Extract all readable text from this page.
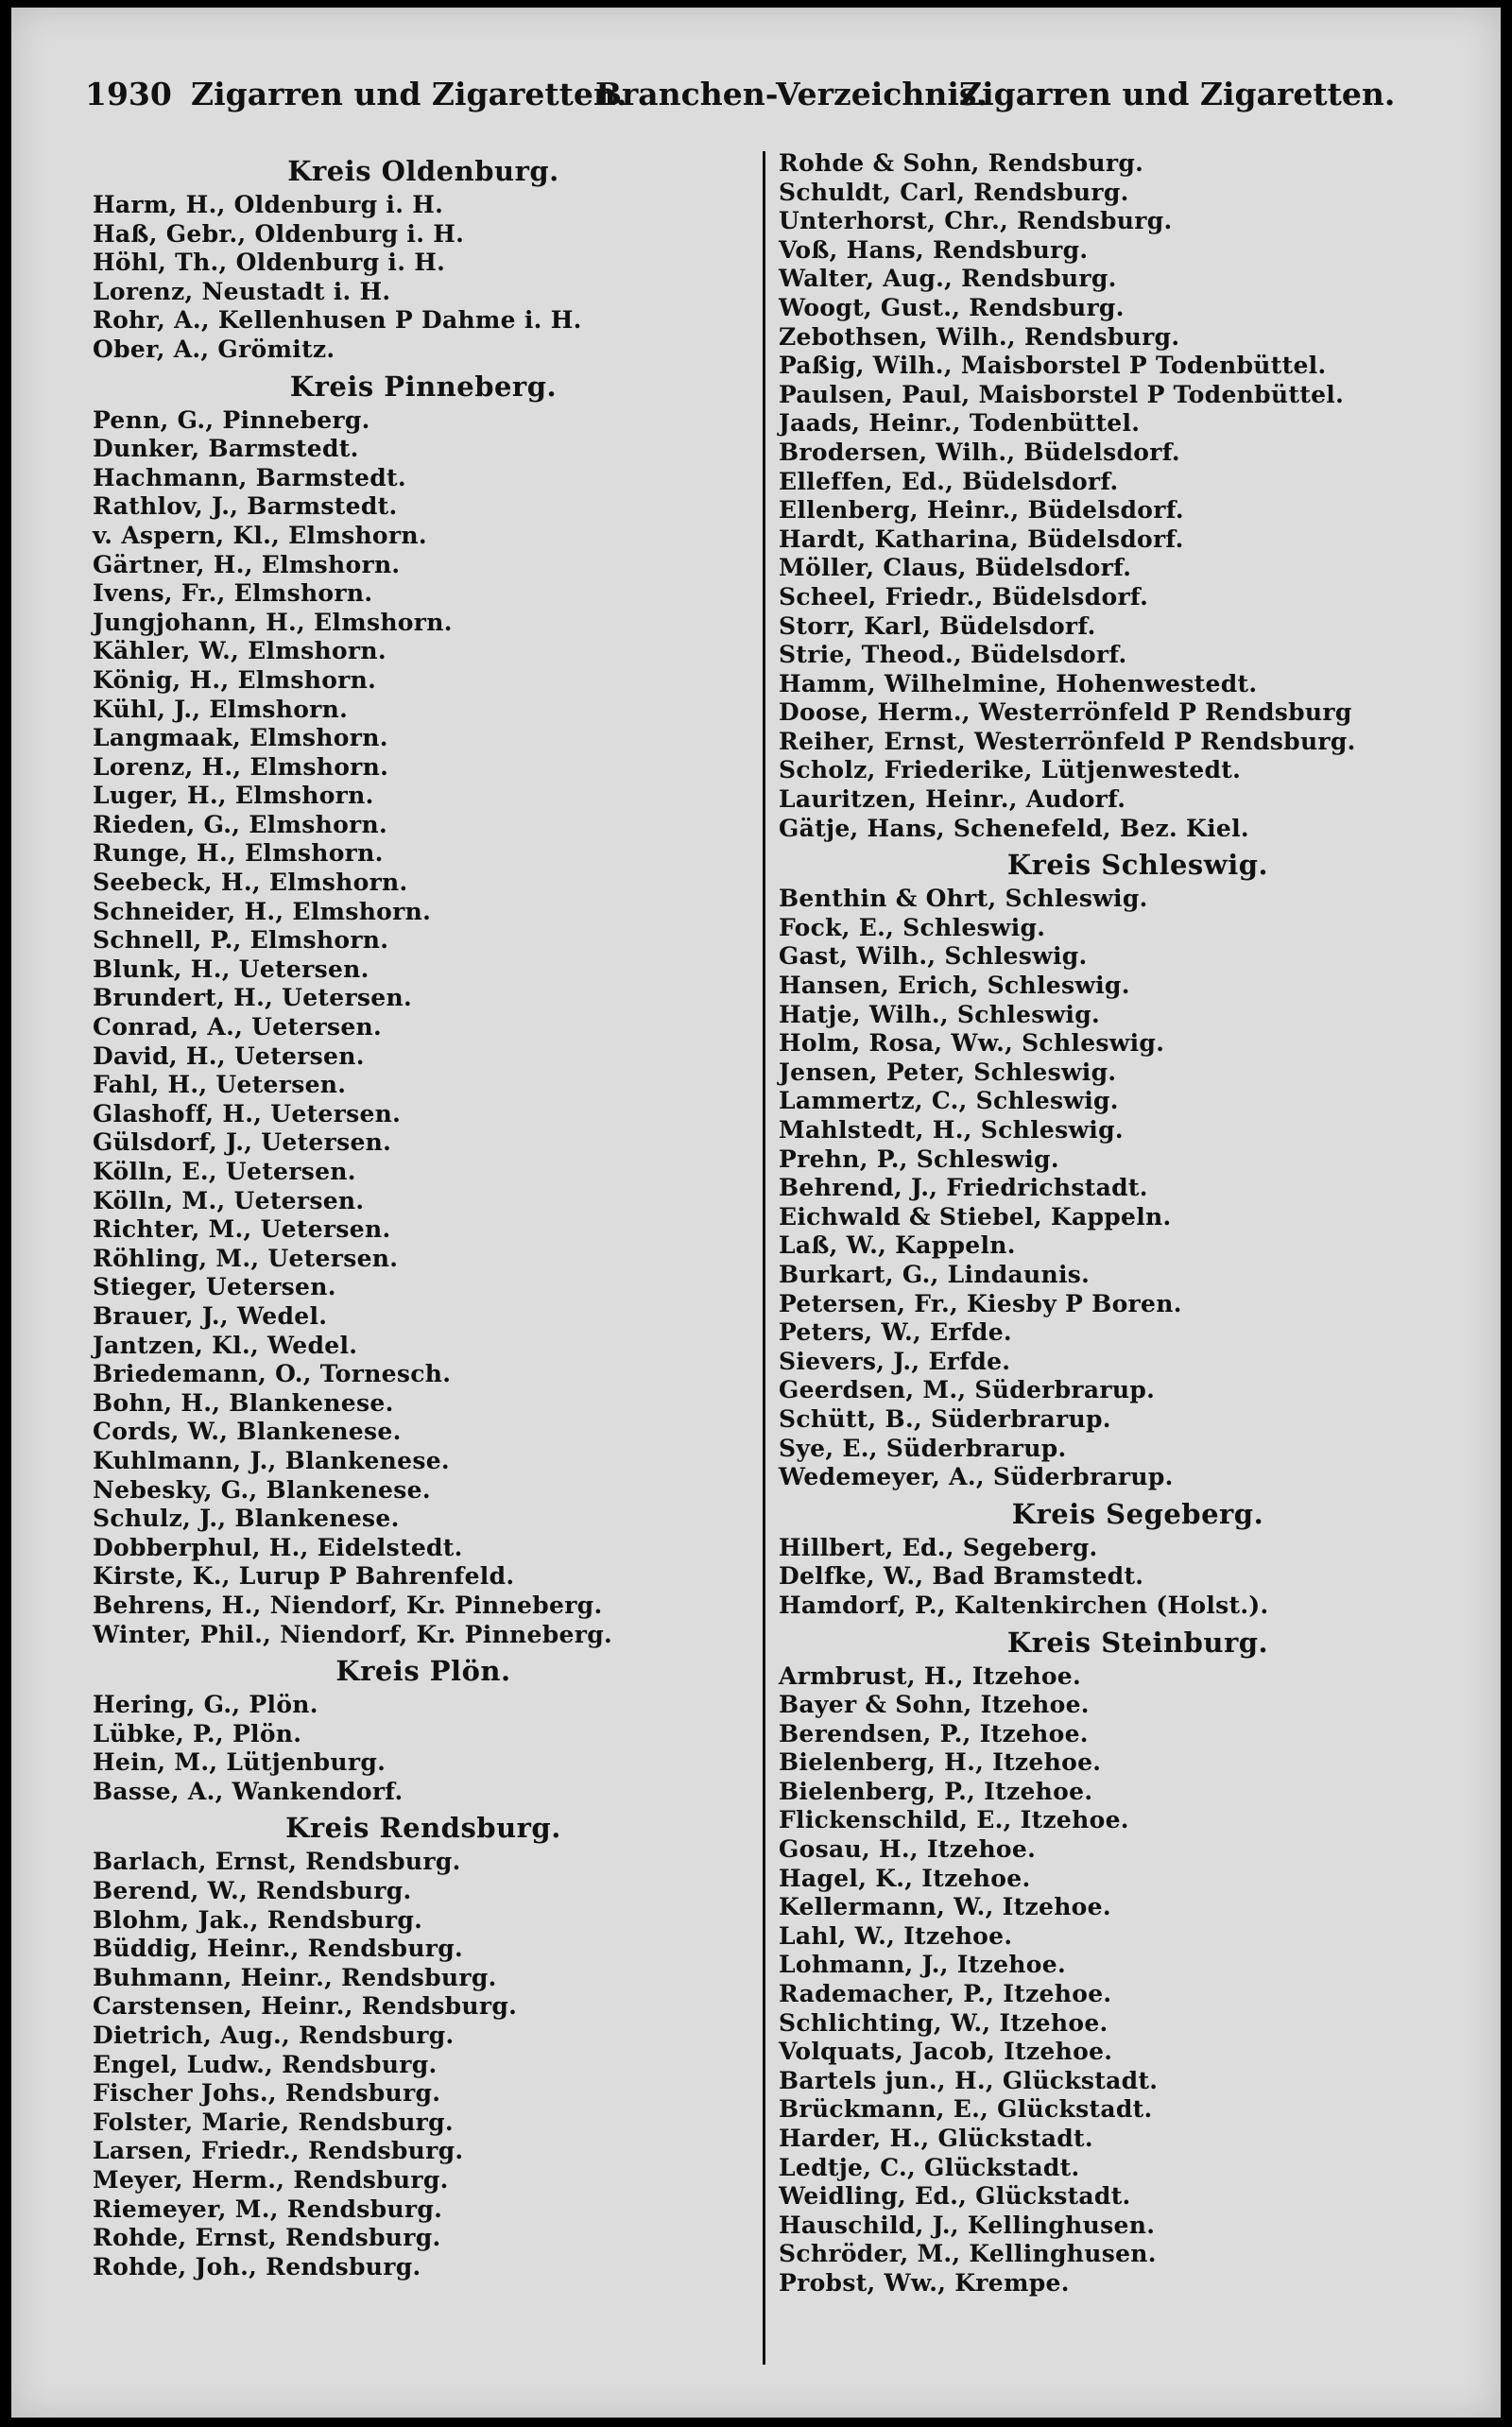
1930 Zigarren und Zigaretten.
Branchen-Verzeichnis.
Zigarren und Zigaretten.
Kreis Oldenburg.
Harm, H., Oldenburg i. H.
Haß, Gebr., Oldenburg i. H.
Höhl, Th., Oldenburg i. H.
Lorenz, Neustadt i. H.
Rohr, A., Kellenhusen P Dahme i. H.
Ober, A., Grömitz.
Kreis Pinneberg.
Penn, G., Pinneberg.
Dunker, Barmstedt.
Hachmann, Barmstedt.
Rathlov, J., Barmstedt.
v. Aspern, Kl., Elmshorn.
Gärtner, H., Elmshorn.
Ivens, Fr., Elmshorn.
Jungjohann, H., Elmshorn.
Kähler, W., Elmshorn.
König, H., Elmshorn.
Kühl, J., Elmshorn.
Langmaak, Elmshorn.
Lorenz, H., Elmshorn.
Luger, H., Elmshorn.
Rieden, G., Elmshorn.
Runge, H., Elmshorn.
Seebeck, H., Elmshorn.
Schneider, H., Elmshorn.
Schnell, P., Elmshorn.
Blunk, H., Uetersen.
Brundert, H., Uetersen.
Conrad, A., Uetersen.
David, H., Uetersen.
Fahl, H., Uetersen.
Glashoff, H., Uetersen.
Gülsdorf, J., Uetersen.
Kölln, E., Uetersen.
Kölln, M., Uetersen.
Richter, M., Uetersen.
Röhling, M., Uetersen.
Stieger, Uetersen.
Brauer, J., Wedel.
Jantzen, Kl., Wedel.
Briedemann, O., Tornesch.
Bohn, H., Blankenese.
Cords, W., Blankenese.
Kuhlmann, J., Blankenese.
Nebesky, G., Blankenese.
Schulz, J., Blankenese.
Dobberphul, H., Eidelstedt.
Kirste, K., Lurup P Bahrenfeld.
Behrens, H., Niendorf, Kr. Pinneberg.
Winter, Phil., Niendorf, Kr. Pinneberg.
Kreis Plön.
Hering, G., Plön.
Lübke, P., Plön.
Hein, M., Lütjenburg.
Basse, A., Wankendorf.
Kreis Rendsburg.
Barlach, Ernst, Rendsburg.
Berend, W., Rendsburg.
Blohm, Jak., Rendsburg.
Büddig, Heinr., Rendsburg.
Buhmann, Heinr., Rendsburg.
Carstensen, Heinr., Rendsburg.
Dietrich, Aug., Rendsburg.
Engel, Ludw., Rendsburg.
Fischer Johs., Rendsburg.
Folster, Marie, Rendsburg.
Larsen, Friedr., Rendsburg.
Meyer, Herm., Rendsburg.
Riemeyer, M., Rendsburg.
Rohde, Ernst, Rendsburg.
Rohde, Joh., Rendsburg.
Rohde & Sohn, Rendsburg.
Schuldt, Carl, Rendsburg.
Unterhorst, Chr., Rendsburg.
Voß, Hans, Rendsburg.
Walter, Aug., Rendsburg.
Woogt, Gust., Rendsburg.
Zebothsen, Wilh., Rendsburg.
Paßig, Wilh., Maisborstel P Todenbüttel.
Paulsen, Paul, Maisborstel P Todenbüttel.
Jaads, Heinr., Todenbüttel.
Brodersen, Wilh., Büdelsdorf.
Elleffen, Ed., Büdelsdorf.
Ellenberg, Heinr., Büdelsdorf.
Hardt, Katharina, Büdelsdorf.
Möller, Claus, Büdelsdorf.
Scheel, Friedr., Büdelsdorf.
Storr, Karl, Büdelsdorf.
Strie, Theod., Büdelsdorf.
Hamm, Wilhelmine, Hohenwestedt.
Doose, Herm., Westerrönfeld P Rendsburg
Reiher, Ernst, Westerrönfeld P Rendsburg.
Scholz, Friederike, Lütjenwestedt.
Lauritzen, Heinr., Audorf.
Gätje, Hans, Schenefeld, Bez. Kiel.
Kreis Schleswig.
Benthin & Ohrt, Schleswig.
Fock, E., Schleswig.
Gast, Wilh., Schleswig.
Hansen, Erich, Schleswig.
Hatje, Wilh., Schleswig.
Holm, Rosa, Ww., Schleswig.
Jensen, Peter, Schleswig.
Lammertz, C., Schleswig.
Mahlstedt, H., Schleswig.
Prehn, P., Schleswig.
Behrend, J., Friedrichstadt.
Eichwald & Stiebel, Kappeln.
Laß, W., Kappeln.
Burkart, G., Lindaunis.
Petersen, Fr., Kiesby P Boren.
Peters, W., Erfde.
Sievers, J., Erfde.
Geerdsen, M., Süderbrarup.
Schütt, B., Süderbrarup.
Sye, E., Süderbrarup.
Wedemeyer, A., Süderbrarup.
Kreis Segeberg.
Hillbert, Ed., Segeberg.
Delfke, W., Bad Bramstedt.
Hamdorf, P., Kaltenkirchen (Holst.).
Kreis Steinburg.
Armbrust, H., Itzehoe.
Bayer & Sohn, Itzehoe.
Berendsen, P., Itzehoe.
Bielenberg, H., Itzehoe.
Bielenberg, P., Itzehoe.
Flickenschild, E., Itzehoe.
Gosau, H., Itzehoe.
Hagel, K., Itzehoe.
Kellermann, W., Itzehoe.
Lahl, W., Itzehoe.
Lohmann, J., Itzehoe.
Rademacher, P., Itzehoe.
Schlichting, W., Itzehoe.
Volquats, Jacob, Itzehoe.
Bartels jun., H., Glückstadt.
Brückmann, E., Glückstadt.
Harder, H., Glückstadt.
Ledtje, C., Glückstadt.
Weidling, Ed., Glückstadt.
Hauschild, J., Kellinghusen.
Schröder, M., Kellinghusen.
Probst, Ww., Krempe.
